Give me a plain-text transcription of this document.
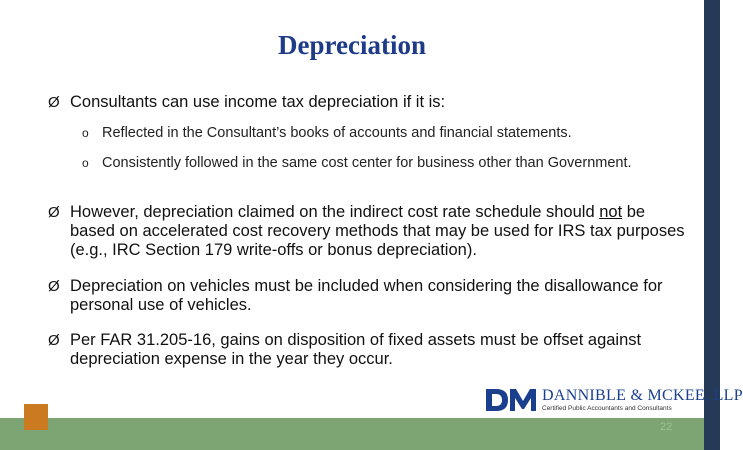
Depreciation
Ø Consultants can use income tax depreciation if it is:
o Reflected in the Consultant’s books of accounts and financial statements.
o Consistently followed in the same cost center for business other than Government.
Ø However, depreciation claimed on the indirect cost rate schedule should not be based on accelerated cost recovery methods that may be used for IRS tax purposes (e.g., IRC Section 179 write-offs or bonus depreciation).
Ø Depreciation on vehicles must be included when considering the disallowance for personal use of vehicles.
Ø Per FAR 31.205-16, gains on disposition of fixed assets must be offset against depreciation expense in the year they occur.
DANNIBLE & MCKEE, LLP
Certified Public Accountants and Consultants
22
